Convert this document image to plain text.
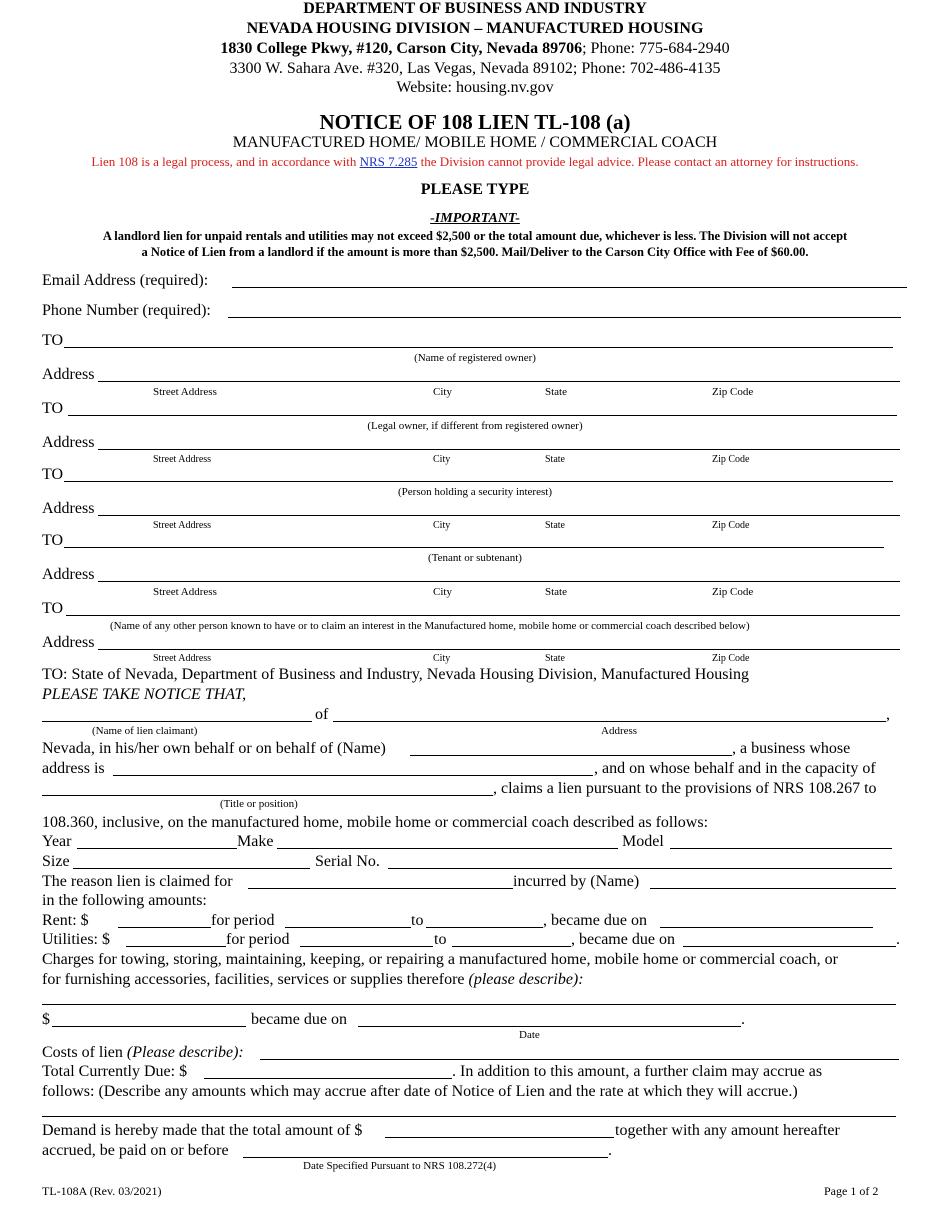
DEPARTMENT OF BUSINESS AND INDUSTRY
NEVADA HOUSING DIVISION – MANUFACTURED HOUSING
1830 College Pkwy, #120, Carson City, Nevada 89706; Phone: 775-684-2940
3300 W. Sahara Ave. #320, Las Vegas, Nevada 89102; Phone: 702-486-4135
Website: housing.nv.gov
NOTICE OF 108 LIEN TL-108 (a)
MANUFACTURED HOME/ MOBILE HOME / COMMERCIAL COACH
Lien 108 is a legal process, and in accordance with NRS 7.285 the Division cannot provide legal advice. Please contact an attorney for instructions.
PLEASE TYPE
-IMPORTANT-
A landlord lien for unpaid rentals and utilities may not exceed $2,500 or the total amount due, whichever is less. The Division will not accept
a Notice of Lien from a landlord if the amount is more than $2,500. Mail/Deliver to the Carson City Office with Fee of $60.00.
Email Address (required):
Phone Number (required):
TO
(Name of registered owner)
Address
Street Address	City	State	Zip Code
TO
(Legal owner, if different from registered owner)
Address
Street Address	City	State	Zip Code
TO
(Person holding a security interest)
Address
Street Address	City	State	Zip Code
TO
(Tenant or subtenant)
Address
Street Address	City	State	Zip Code
TO
(Name of any other person known to have or to claim an interest in the Manufactured home, mobile home or commercial coach described below)
Address
Street Address	City	State	Zip Code
TO: State of Nevada, Department of Business and Industry, Nevada Housing Division, Manufactured Housing
PLEASE TAKE NOTICE THAT,
of	,
(Name of lien claimant)	Address
Nevada, in his/her own behalf or on behalf of (Name)	, a business whose
address is	, and on whose behalf and in the capacity of
, claims a lien pursuant to the provisions of NRS 108.267 to
(Title or position)
108.360, inclusive, on the manufactured home, mobile home or commercial coach described as follows:
Year	Make	Model
Size	Serial No.
The reason lien is claimed for	incurred by (Name)
in the following amounts:
Rent: $	for period	to	, became due on
Utilities: $	for period	to	, became due on	.
Charges for towing, storing, maintaining, keeping, or repairing a manufactured home, mobile home or commercial coach, or
for furnishing accessories, facilities, services or supplies therefore (please describe):
$	became due on	.
Date
Costs of lien (Please describe):
Total Currently Due: $	. In addition to this amount, a further claim may accrue as
follows: (Describe any amounts which may accrue after date of Notice of Lien and the rate at which they will accrue.)
Demand is hereby made that the total amount of $	together with any amount hereafter
accrued, be paid on or before	.
Date Specified Pursuant to NRS 108.272(4)
TL-108A (Rev. 03/2021)	Page 1 of 2
